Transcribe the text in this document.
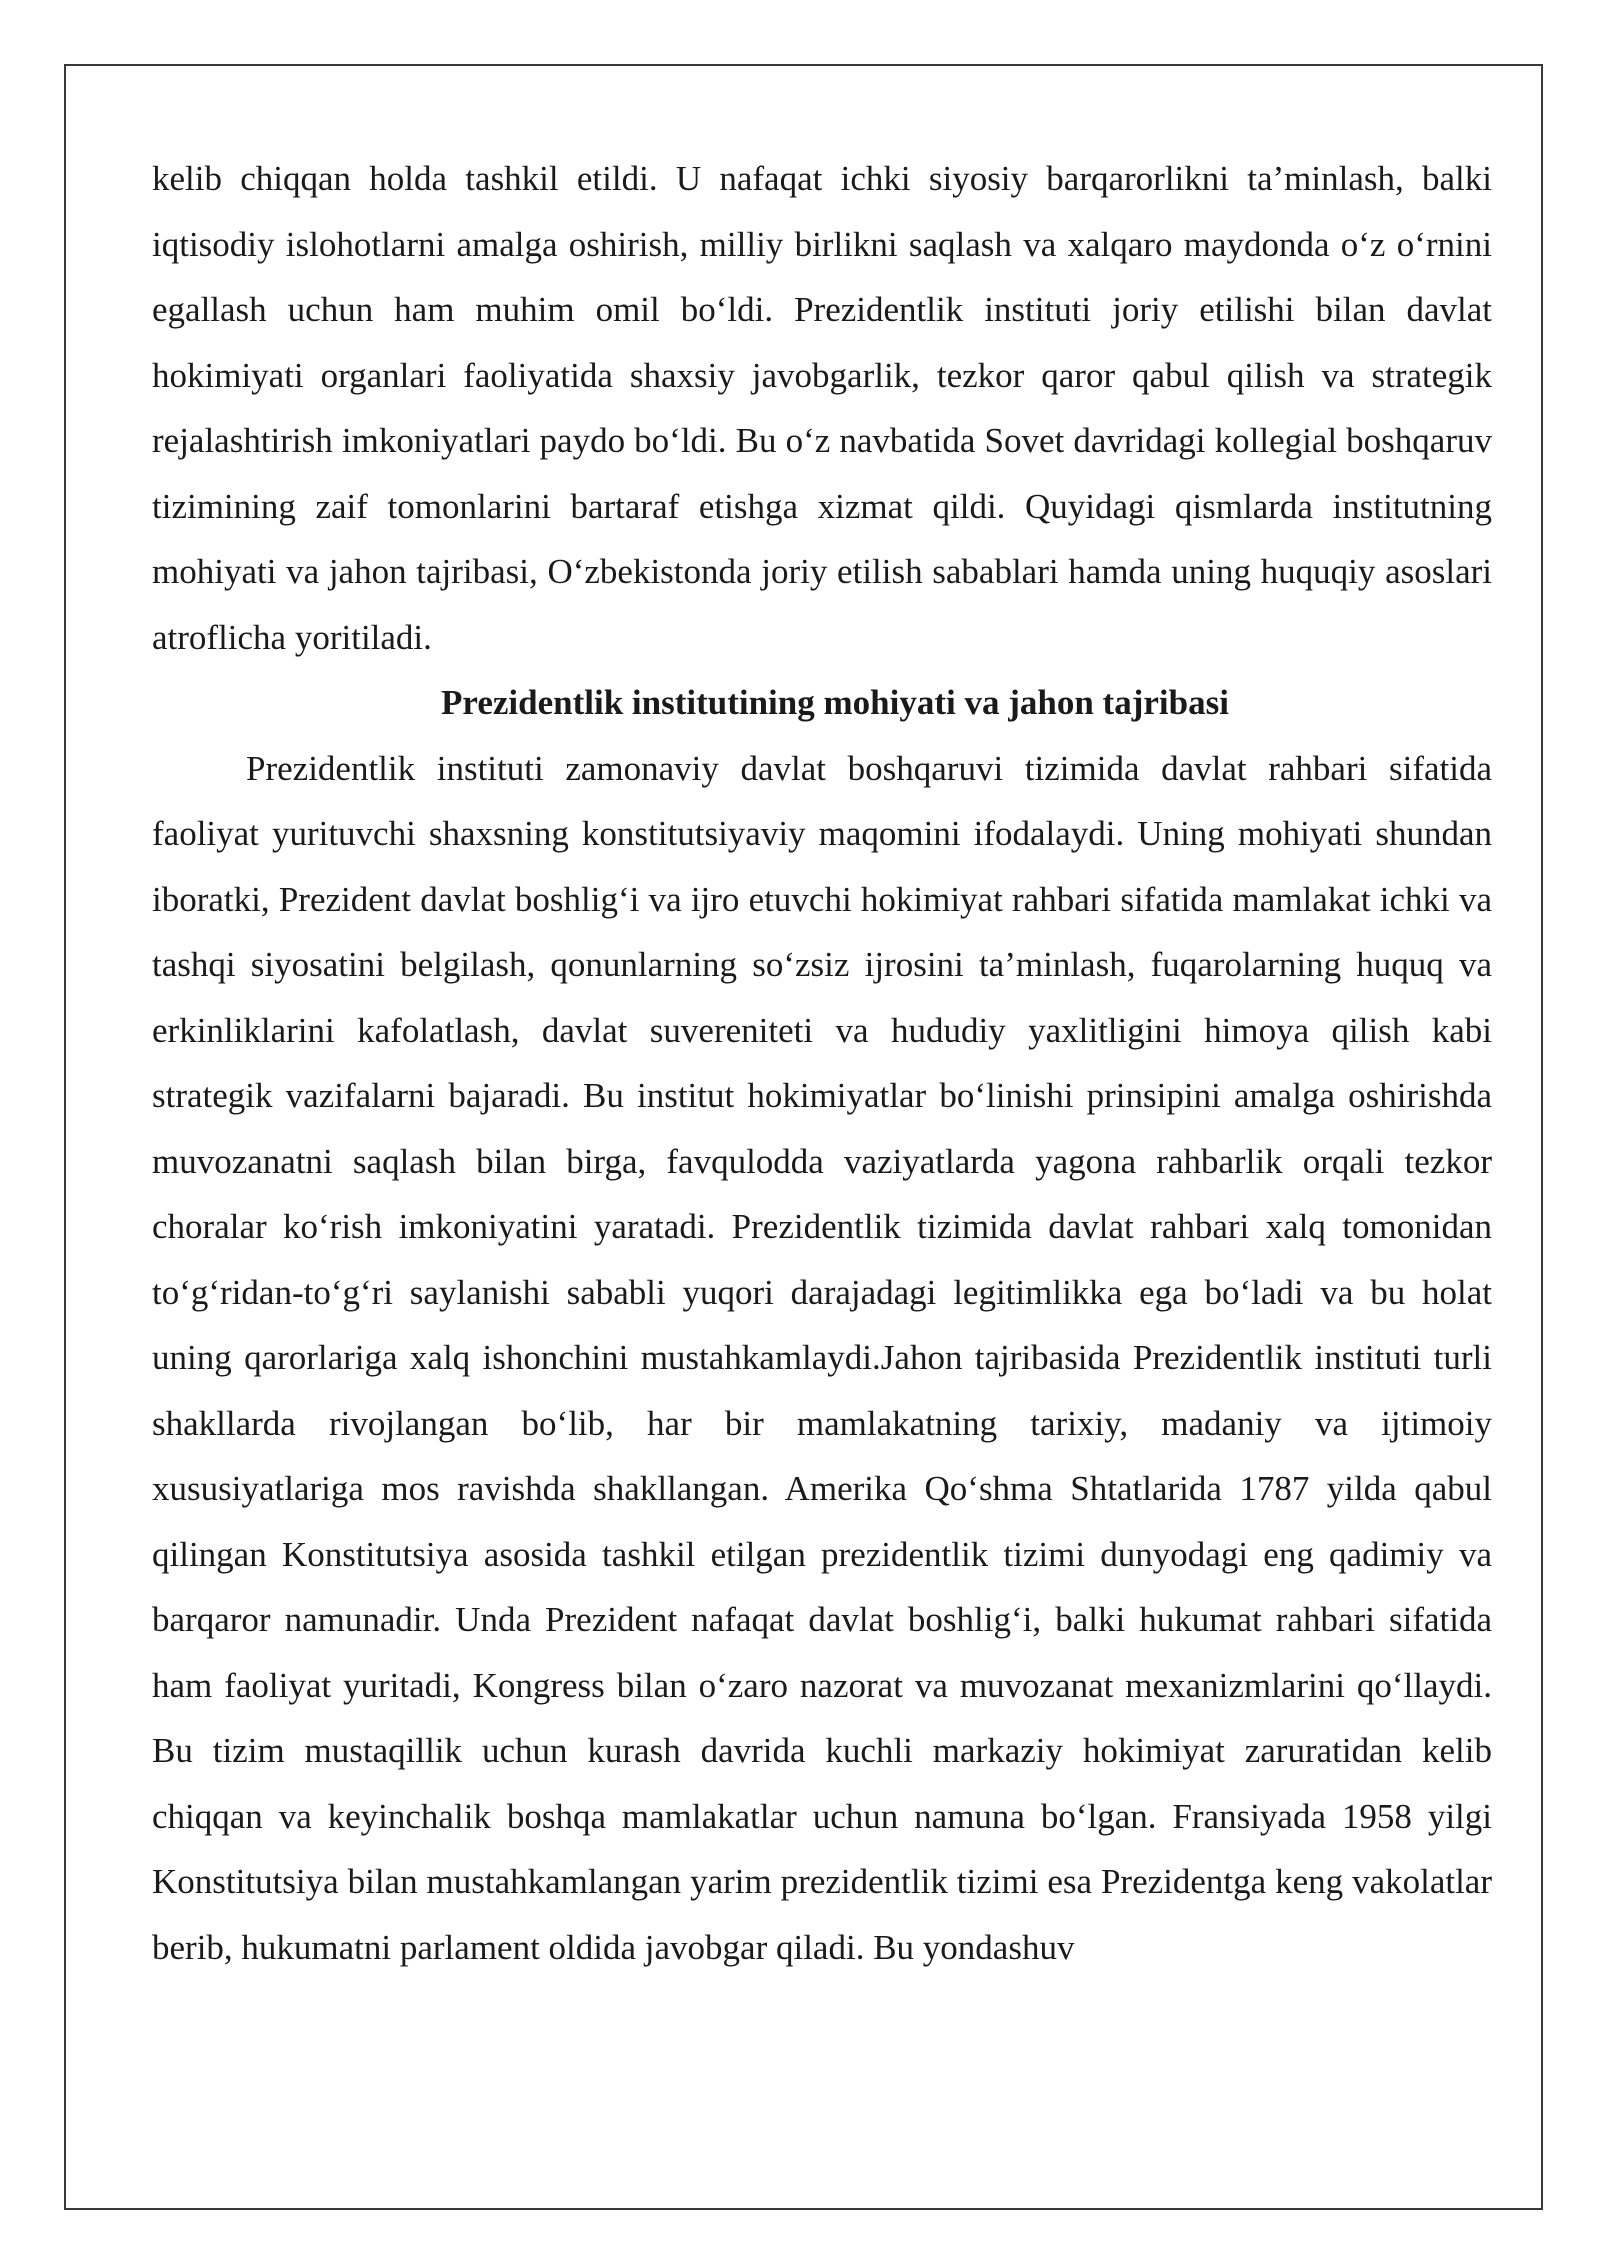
kelib chiqqan holda tashkil etildi. U nafaqat ichki siyosiy barqarorlikni ta’minlash, balki iqtisodiy islohotlarni amalga oshirish, milliy birlikni saqlash va xalqaro maydonda o‘z o‘rnini egallash uchun ham muhim omil bo‘ldi. Prezidentlik instituti joriy etilishi bilan davlat hokimiyati organlari faoliyatida shaxsiy javobgarlik, tezkor qaror qabul qilish va strategik rejalashtirish imkoniyatlari paydo bo‘ldi. Bu o‘z navbatida Sovet davridagi kollegial boshqaruv tizimining zaif tomonlarini bartaraf etishga xizmat qildi. Quyidagi qismlarda institutning mohiyati va jahon tajribasi, O‘zbekistonda joriy etilish sabablari hamda uning huquqiy asoslari atroflicha yoritiladi.

Prezidentlik institutining mohiyati va jahon tajribasi

Prezidentlik instituti zamonaviy davlat boshqaruvi tizimida davlat rahbari sifatida faoliyat yurituvchi shaxsning konstitutsiyaviy maqomini ifodalaydi. Uning mohiyati shundan iboratki, Prezident davlat boshlig‘i va ijro etuvchi hokimiyat rahbari sifatida mamlakat ichki va tashqi siyosatini belgilash, qonunlarning so‘zsiz ijrosini ta’minlash, fuqarolarning huquq va erkinliklarini kafolatlash, davlat suvereniteti va hududiy yaxlitligini himoya qilish kabi strategik vazifalarni bajaradi. Bu institut hokimiyatlar bo‘linishi prinsipini amalga oshirishda muvozanatni saqlash bilan birga, favqulodda vaziyatlarda yagona rahbarlik orqali tezkor choralar ko‘rish imkoniyatini yaratadi. Prezidentlik tizimida davlat rahbari xalq tomonidan to‘g‘ridan-to‘g‘ri saylanishi sababli yuqori darajadagi legitimlikka ega bo‘ladi va bu holat uning qarorlariga xalq ishonchini mustahkamlaydi.Jahon tajribasida Prezidentlik instituti turli shakllarda rivojlangan bo‘lib, har bir mamlakatning tarixiy, madaniy va ijtimoiy xususiyatlariga mos ravishda shakllangan. Amerika Qo‘shma Shtatlarida 1787 yilda qabul qilingan Konstitutsiya asosida tashkil etilgan prezidentlik tizimi dunyodagi eng qadimiy va barqaror namunadir. Unda Prezident nafaqat davlat boshlig‘i, balki hukumat rahbari sifatida ham faoliyat yuritadi, Kongress bilan o‘zaro nazorat va muvozanat mexanizmlarini qo‘llaydi. Bu tizim mustaqillik uchun kurash davrida kuchli markaziy hokimiyat zaruratidan kelib chiqqan va keyinchalik boshqa mamlakatlar uchun namuna bo‘lgan. Fransiyada 1958 yilgi Konstitutsiya bilan mustahkamlangan yarim prezidentlik tizimi esa Prezidentga keng vakolatlar berib, hukumatni parlament oldida javobgar qiladi. Bu yondashuv
